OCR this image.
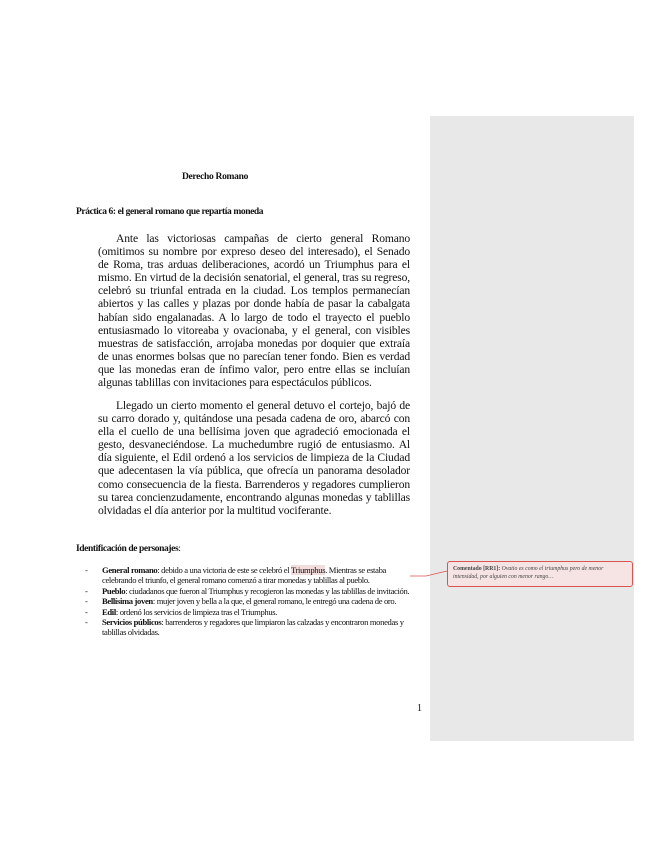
Derecho Romano
Práctica 6: el general romano que repartía moneda

Ante las victoriosas campañas de cierto general Romano (omitimos su nombre por expreso deseo del interesado), el Senado de Roma, tras arduas deliberaciones, acordó un Triumphus para el mismo. En virtud de la decisión senatorial, el general, tras su regreso, celebró su triunfal entrada en la ciudad. Los templos permanecían abiertos y las calles y plazas por donde había de pasar la cabalgata habían sido engalanadas. A lo largo de todo el trayecto el pueblo entusiasmado lo vitoreaba y ovacionaba, y el general, con visibles muestras de satisfacción, arrojaba monedas por doquier que extraía de unas enormes bolsas que no parecían tener fondo. Bien es verdad que las monedas eran de ínfimo valor, pero entre ellas se incluían algunas tablillas con invitaciones para espectáculos públicos.

Llegado un cierto momento el general detuvo el cortejo, bajó de su carro dorado y, quitándose una pesada cadena de oro, abarcó con ella el cuello de una bellísima joven que agradeció emocionada el gesto, desvaneciéndose. La muchedumbre rugió de entusiasmo. Al día siguiente, el Edil ordenó a los servicios de limpieza de la Ciudad que adecentasen la vía pública, que ofrecía un panorama desolador como consecuencia de la fiesta. Barrenderos y regadores cumplieron su tarea concienzudamente, encontrando algunas monedas y tablillas olvidadas el día anterior por la multitud vociferante.

Identificación de personajes:
- General romano: debido a una victoria de este se celebró el Triumphus. Mientras se estaba celebrando el triunfo, el general romano comenzó a tirar monedas y tablillas al pueblo.
- Pueblo: ciudadanos que fueron al Triumphus y recogieron las monedas y las tablillas de invitación.
- Bellísima joven: mujer joven y bella a la que, el general romano, le entregó una cadena de oro.
- Edil: ordenó los servicios de limpieza tras el Triumphus.
- Servicios públicos: barrenderos y regadores que limpiaron las calzadas y encontraron monedas y tablillas olvidadas.
1
Comentado [RR1]: Ovatio es como el triumphus pero de menor intensidad, por alguien con menor rango…
